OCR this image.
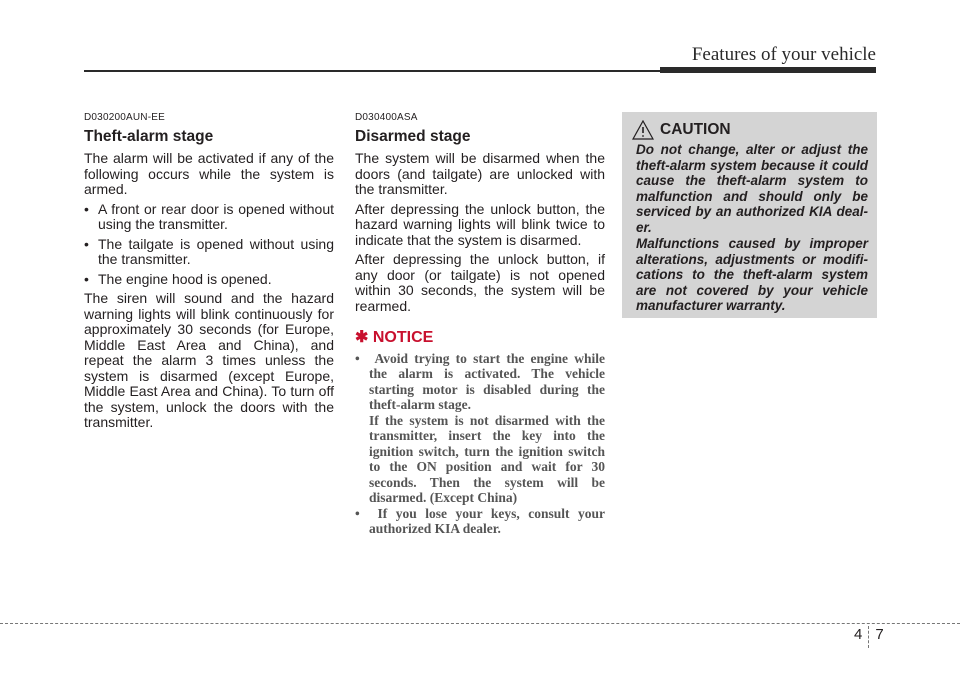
Features of your vehicle
D030200AUN-EE
Theft-alarm stage

The alarm will be activated if any of the following occurs while the system is armed.

• A front or rear door is opened without using the transmitter.
• The tailgate is opened without using the transmitter.
• The engine hood is opened.

The siren will sound and the hazard warning lights will blink continuously for approximately 30 seconds (for Europe, Middle East Area and China), and repeat the alarm 3 times unless the system is disarmed (except Europe, Middle East Area and China). To turn off the system, unlock the doors with the transmitter.

D030400ASA
Disarmed stage

The system will be disarmed when the doors (and tailgate) are unlocked with the transmitter.

After depressing the unlock button, the hazard warning lights will blink twice to indicate that the system is disarmed.

After depressing the unlock button, if any door (or tailgate) is not opened within 30 seconds, the system will be rearmed.

✱ NOTICE
• Avoid trying to start the engine while the alarm is activated. The vehicle starting motor is disabled during the theft-alarm stage.
If the system is not disarmed with the transmitter, insert the key into the ignition switch, turn the ignition switch to the ON position and wait for 30 seconds. Then the system will be disarmed. (Except China)
• If you lose your keys, consult your authorized KIA dealer.
CAUTION

Do not change, alter or adjust the theft-alarm system because it could cause the theft-alarm system to malfunction and should only be serviced by an authorized KIA deal-er.

Malfunctions caused by improper alterations, adjustments or modifi-cations to the theft-alarm system are not covered by your vehicle manufacturer warranty.

4 7
